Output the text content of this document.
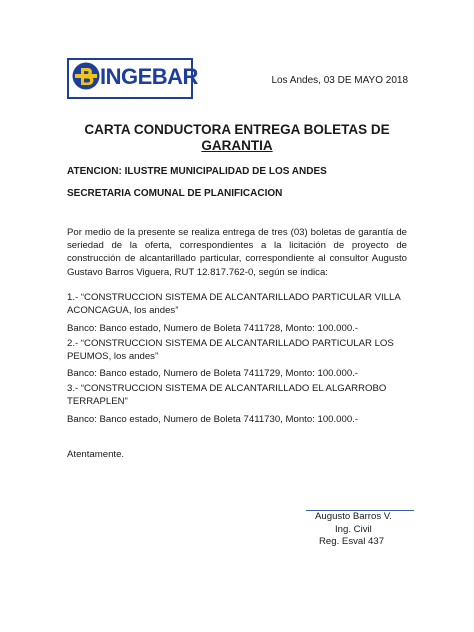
INGEBAR	Los Andes, 03 DE MAYO 2018
CARTA CONDUCTORA ENTREGA BOLETAS DE
GARANTIA
ATENCION: ILUSTRE MUNICIPALIDAD DE LOS ANDES
SECRETARIA COMUNAL DE PLANIFICACION
Por medio de la presente se realiza entrega de tres (03) boletas de garantía de seriedad de la oferta, correspondientes a la licitación de proyecto de construcción de alcantarillado particular, correspondiente al consultor Augusto Gustavo Barros Viguera, RUT 12.817.762-0, según se indica:
1.- “CONSTRUCCION SISTEMA DE ALCANTARILLADO PARTICULAR VILLA
ACONCAGUA, los andes”
Banco: Banco estado, Numero de Boleta 7411728, Monto: 100.000.-
2.- “CONSTRUCCION SISTEMA DE ALCANTARILLADO PARTICULAR LOS
PEUMOS, los andes”
Banco: Banco estado, Numero de Boleta 7411729, Monto: 100.000.-
3.- “CONSTRUCCION SISTEMA DE ALCANTARILLADO EL ALGARROBO
TERRAPLEN”
Banco: Banco estado, Numero de Boleta 7411730, Monto: 100.000.-
Atentamente.
Augusto Barros V.
Ing. Civil
Reg. Esval 437
